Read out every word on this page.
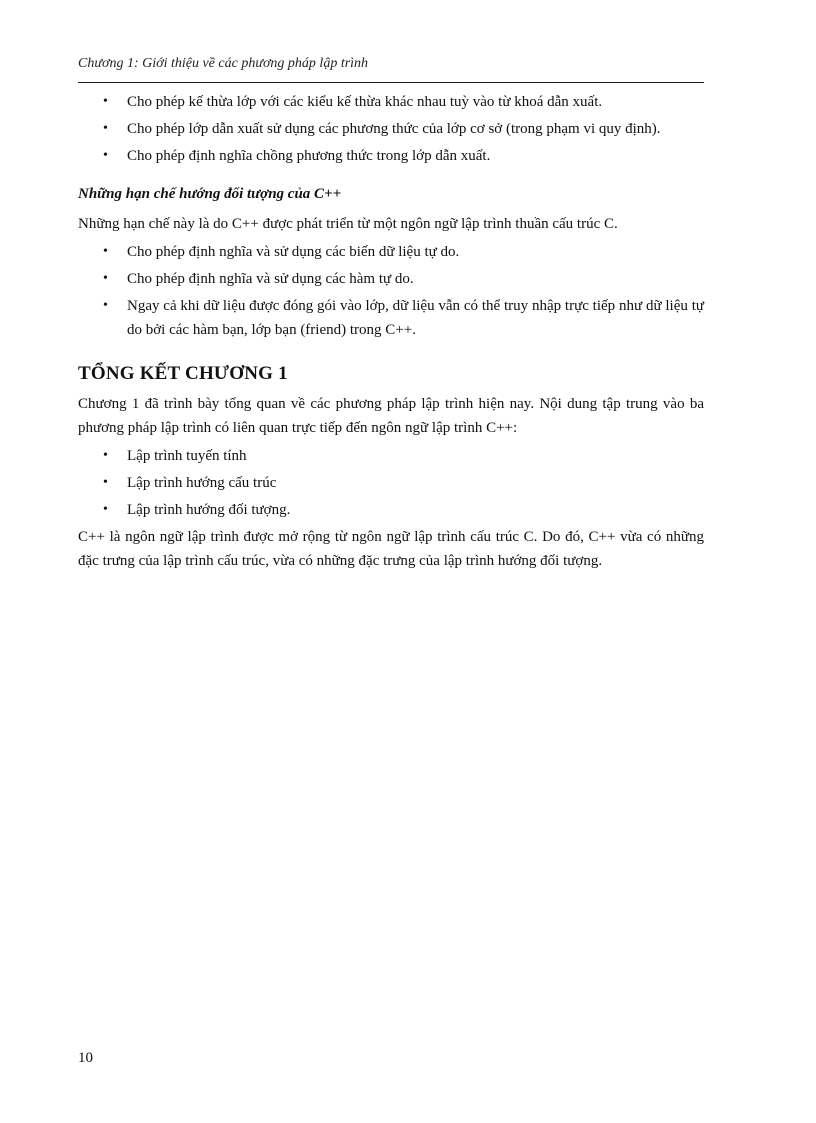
Chương 1: Giới thiệu về các phương pháp lập trình
• Cho phép kế thừa lớp với các kiểu kế thừa khác nhau tuỳ vào từ khoá dẫn xuất.
• Cho phép lớp dẫn xuất sử dụng các phương thức của lớp cơ sở (trong phạm vi quy định).
• Cho phép định nghĩa chồng phương thức trong lớp dẫn xuất.
Những hạn chế hướng đối tượng của C++

Những hạn chế này là do C++ được phát triển từ một ngôn ngữ lập trình thuần cấu trúc C.

• Cho phép định nghĩa và sử dụng các biến dữ liệu tự do.
• Cho phép định nghĩa và sử dụng các hàm tự do.
• Ngay cả khi dữ liệu được đóng gói vào lớp, dữ liệu vẫn có thể truy nhập trực tiếp như dữ liệu tự do bởi các hàm bạn, lớp bạn (friend) trong C++.
TỔNG KẾT CHƯƠNG 1

Chương 1 đã trình bày tổng quan về các phương pháp lập trình hiện nay. Nội dung tập trung vào ba phương pháp lập trình có liên quan trực tiếp đến ngôn ngữ lập trình C++:

• Lập trình tuyến tính
• Lập trình hướng cấu trúc
• Lập trình hướng đối tượng.

C++ là ngôn ngữ lập trình được mở rộng từ ngôn ngữ lập trình cấu trúc C. Do đó, C++ vừa có những đặc trưng của lập trình cấu trúc, vừa có những đặc trưng của lập trình hướng đối tượng.

10
